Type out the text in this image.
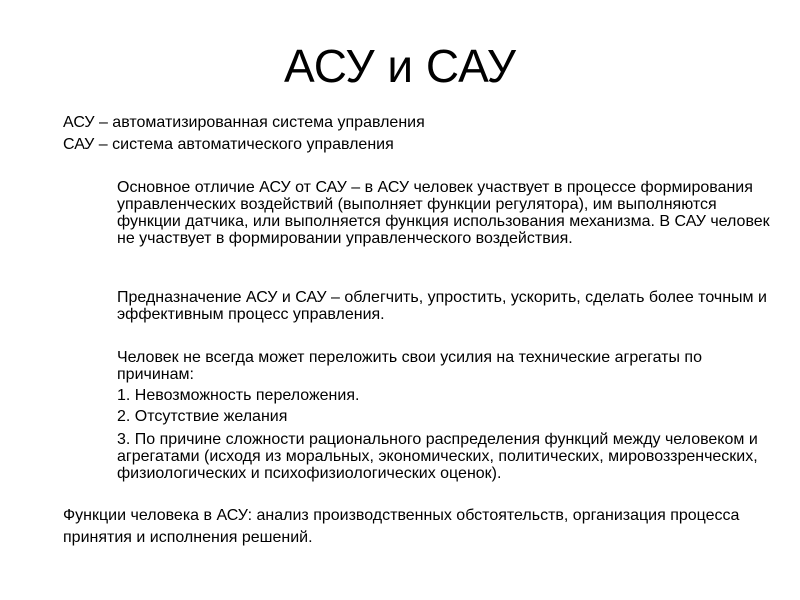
АСУ и САУ

АСУ – автоматизированная система управления

САУ – система автоматического управления

Основное отличие АСУ от САУ – в АСУ человек участвует в процессе формирования управленческих воздействий (выполняет функции регулятора), им выполняются функции датчика, или выполняется функция использования механизма. В САУ человек не участвует в формировании управленческого воздействия.

Предназначение АСУ и САУ – облегчить, упростить, ускорить, сделать более точным и эффективным процесс управления.

Человек не всегда может переложить свои усилия на технические агрегаты по причинам:

1. Невозможность переложения.

2. Отсутствие желания

3. По причине сложности рационального распределения функций между человеком и агрегатами (исходя из моральных, экономических, политических, мировоззренческих, физиологических и психофизиологических оценок).

Функции человека в АСУ: анализ производственных обстоятельств, организация процесса принятия и исполнения решений.
